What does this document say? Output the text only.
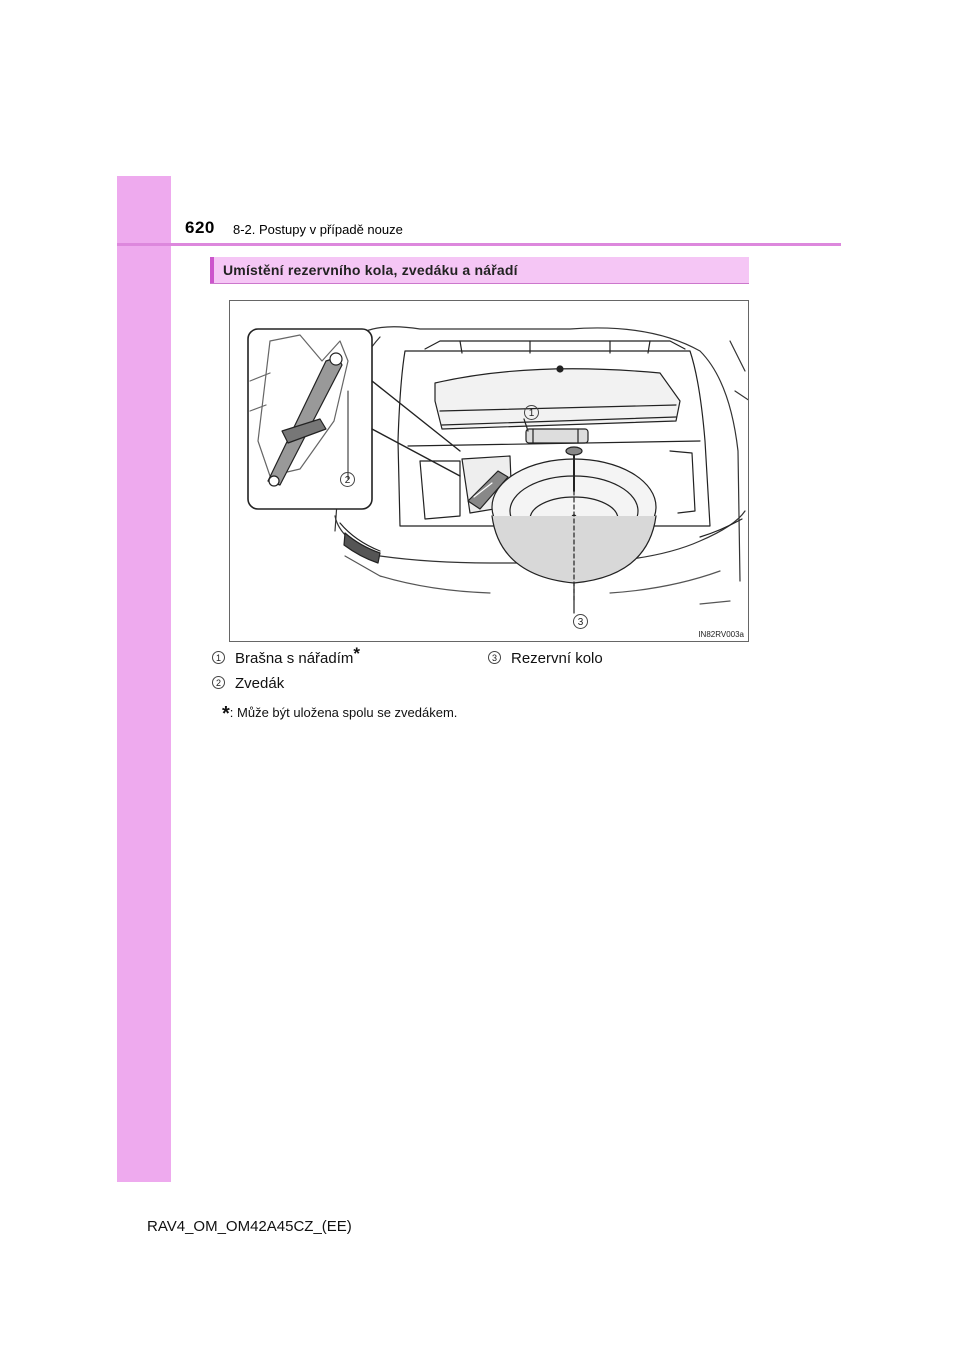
620 8-2. Postupy v případě nouze
Umístění rezervního kola, zvedáku a nářadí
1
2
3
IN82RV003a
1 Brašna s nářadím*
2 Zvedák
3 Rezervní kolo
*: Může být uložena spolu se zvedákem.
RAV4_OM_OM42A45CZ_(EE)
